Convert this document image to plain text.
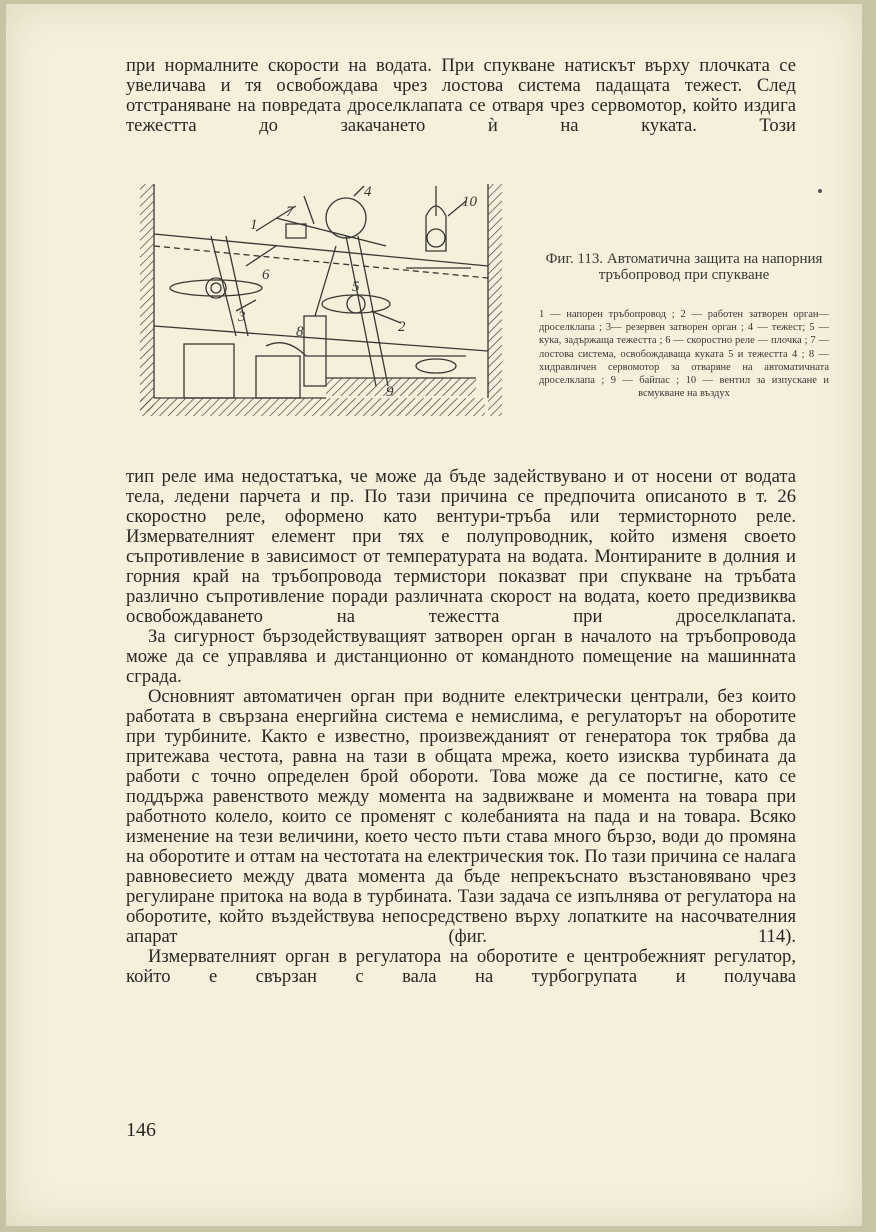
при нормалните скорости на водата. При спукване натискът върху плочката се увеличава и тя освобождава чрез лостова система падащата тежест. След отстраняване на повредата дроселклапата се отваря чрез сервомотор, който издига тежестта до закачането ѝ на куката. Този

1
2
3
4
5
6
7
8
9
10
Фиг. 113. Автоматична защита на напорния тръбопровод при спукване
1 — напорен тръбопровод ; 2 — работен затворен орган—дроселклапа ; 3— резервен затворен орган ; 4 — тежест; 5 — кука, задържаща тежестта ; 6 — скоростно реле — плочка ; 7 — лостова система, освобождаваща куката 5 и тежестта 4 ; 8 — хидравличен сервомотор за отваряне на автоматичната дроселклапа ; 9 — байпас ; 10 — вентил за изпускане и всмукване на въздух

тип реле има недостатъка, че може да бъде задействувано и от носени от водата тела, ледени парчета и пр. По тази причина се предпочита описаното в т. 26 скоростно реле, оформено като вентури-тръба или термисторното реле. Измервателният елемент при тях е полупроводник, който изменя своето съпротивление в зависимост от температурата на водата. Монтираните в долния и горния край на тръбопровода термистори показват при спукване на тръбата различно съпротивление поради различната скорост на водата, което предизвиква освобождаването на тежестта при дроселклапата.

За сигурност бързодействуващият затворен орган в началото на тръбопровода може да се управлява и дистанционно от командното помещение на машинната сграда.

Основният автоматичен орган при водните електрически централи, без които работата в свързана енергийна система е немислима, е регулаторът на оборотите при турбините. Както е известно, произвежданият от генератора ток трябва да притежава честота, равна на тази в общата мрежа, което изисква турбината да работи с точно определен брой обороти. Това може да се постигне, като се поддържа равенството между момента на задвижване и момента на товара при работното колело, които се променят с колебанията на пада и на товара. Всяко изменение на тези величини, което често пъти става много бързо, води до промяна на оборотите и оттам на честотата на електрическия ток. По тази причина се налага равновесието между двата момента да бъде непрекъснато възстановявано чрез регулиране притока на вода в турбината. Тази задача се изпълнява от регулатора на оборотите, който въздействува непосредствено върху лопатките на насочвателния апарат (фиг. 114).

Измервателният орган в регулатора на оборотите е центробежният регулатор, който е свързан с вала на турбогрупата и получава

146
